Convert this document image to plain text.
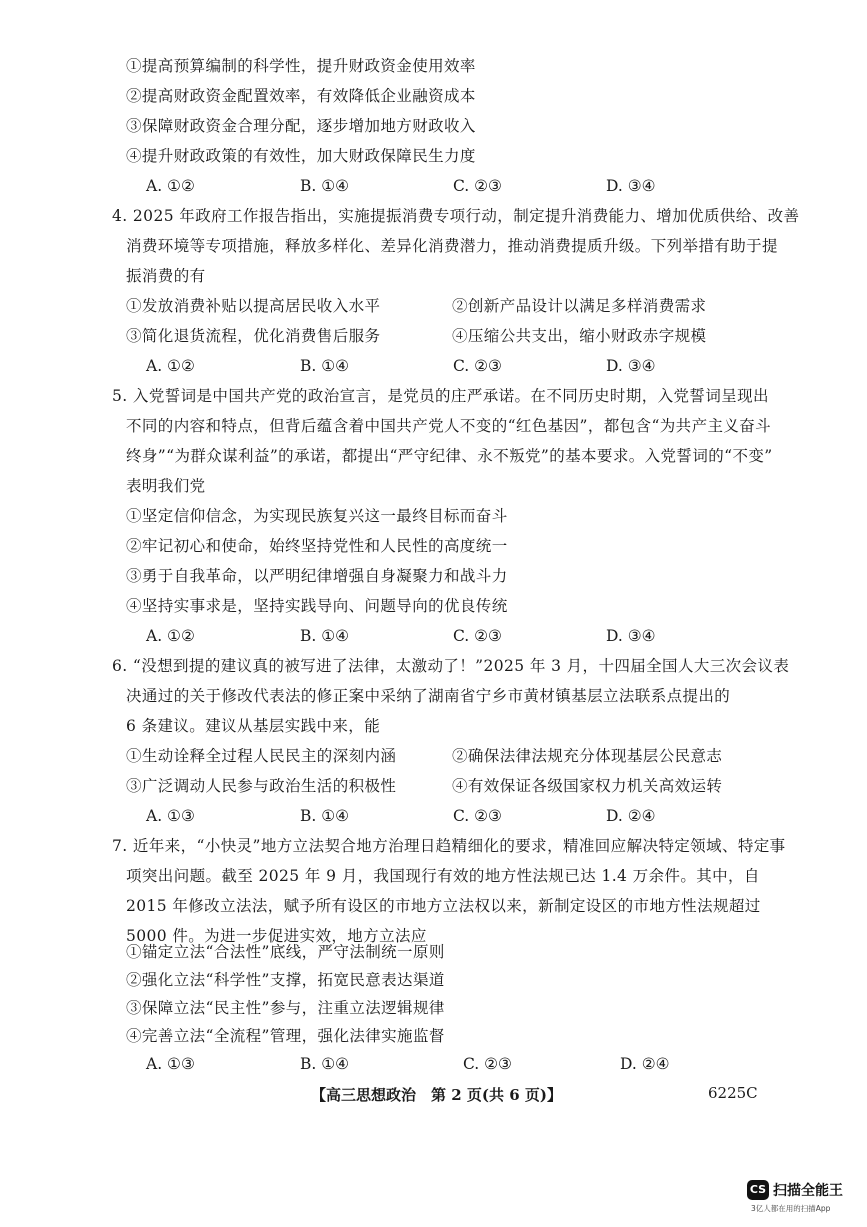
①提高预算编制的科学性，提升财政资金使用效率
②提高财政资金配置效率，有效降低企业融资成本
③保障财政资金合理分配，逐步增加地方财政收入
④提升财政政策的有效性，加大财政保障民生力度
A. ①②	B. ①④	C. ②③	D. ③④
4. 2025 年政府工作报告指出，实施提振消费专项行动，制定提升消费能力、增加优质供给、改善
消费环境等专项措施，释放多样化、差异化消费潜力，推动消费提质升级。下列举措有助于提
振消费的有
①发放消费补贴以提高居民收入水平	②创新产品设计以满足多样消费需求
③简化退货流程，优化消费售后服务	④压缩公共支出，缩小财政赤字规模
A. ①②	B. ①④	C. ②③	D. ③④
5. 入党誓词是中国共产党的政治宣言，是党员的庄严承诺。在不同历史时期，入党誓词呈现出
不同的内容和特点，但背后蕴含着中国共产党人不变的“红色基因”，都包含“为共产主义奋斗
终身”“为群众谋利益”的承诺，都提出“严守纪律、永不叛党”的基本要求。入党誓词的“不变”
表明我们党
①坚定信仰信念，为实现民族复兴这一最终目标而奋斗
②牢记初心和使命，始终坚持党性和人民性的高度统一
③勇于自我革命，以严明纪律增强自身凝聚力和战斗力
④坚持实事求是，坚持实践导向、问题导向的优良传统
A. ①②	B. ①④	C. ②③	D. ③④
6. “没想到提的建议真的被写进了法律，太激动了！”2025 年 3 月，十四届全国人大三次会议表
决通过的关于修改代表法的修正案中采纳了湖南省宁乡市黄材镇基层立法联系点提出的
6 条建议。建议从基层实践中来，能
①生动诠释全过程人民民主的深刻内涵	②确保法律法规充分体现基层公民意志
③广泛调动人民参与政治生活的积极性	④有效保证各级国家权力机关高效运转
A. ①③	B. ①④	C. ②③	D. ②④
7. 近年来，“小快灵”地方立法契合地方治理日趋精细化的要求，精准回应解决特定领域、特定事
项突出问题。截至 2025 年 9 月，我国现行有效的地方性法规已达 1.4 万余件。其中，自
2015 年修改立法法，赋予所有设区的市地方立法权以来，新制定设区的市地方性法规超过
5000 件。为进一步促进实效，地方立法应
①锚定立法“合法性”底线，严守法制统一原则
②强化立法“科学性”支撑，拓宽民意表达渠道
③保障立法“民主性”参与，注重立法逻辑规律
④完善立法“全流程”管理，强化法律实施监督
A. ①③	B. ①④	C. ②③	D. ②④
【高三思想政治　第 2 页(共 6 页)】	6225C
CS 扫描全能王
3亿人都在用的扫描App
